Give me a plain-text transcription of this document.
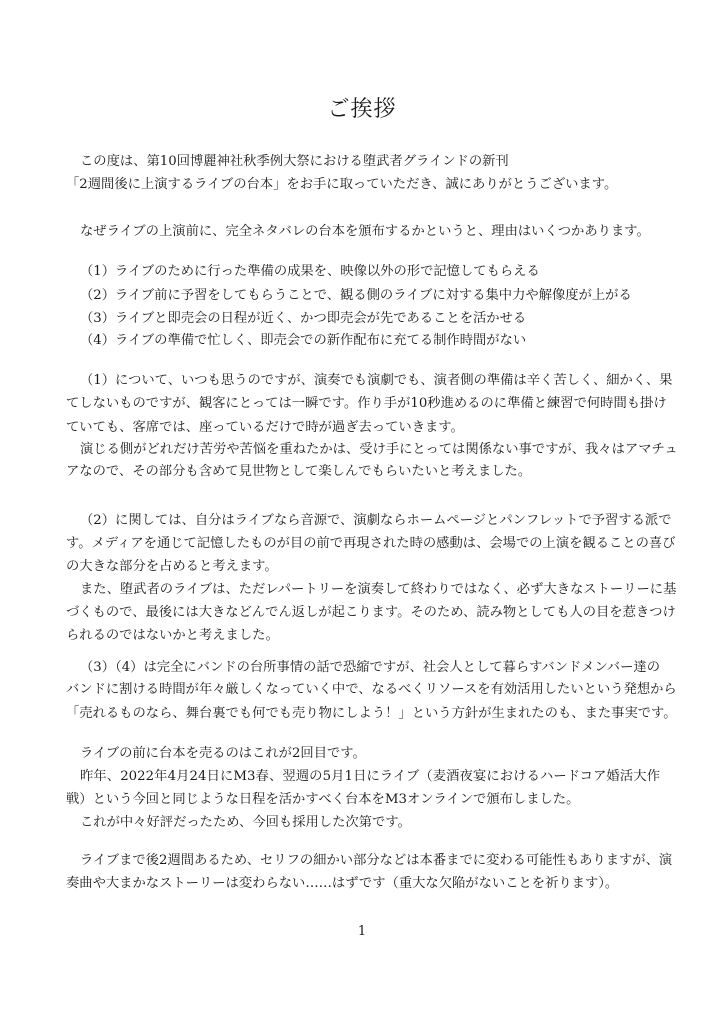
ご挨拶
この度は、第10回博麗神社秋季例大祭における堕武者グラインドの新刊
「2週間後に上演するライブの台本」をお手に取っていただき、誠にありがとうございます。
なぜライブの上演前に、完全ネタバレの台本を頒布するかというと、理由はいくつかあります。
（1）ライブのために行った準備の成果を、映像以外の形で記憶してもらえる
（2）ライブ前に予習をしてもらうことで、観る側のライブに対する集中力や解像度が上がる
（3）ライブと即売会の日程が近く、かつ即売会が先であることを活かせる
（4）ライブの準備で忙しく、即売会での新作配布に充てる制作時間がない
（1）について、いつも思うのですが、演奏でも演劇でも、演者側の準備は辛く苦しく、細かく、果
てしないものですが、観客にとっては一瞬です。作り手が10秒進めるのに準備と練習で何時間も掛け
ていても、客席では、座っているだけで時が過ぎ去っていきます。
演じる側がどれだけ苦労や苦悩を重ねたかは、受け手にとっては関係ない事ですが、我々はアマチュ
アなので、その部分も含めて見世物として楽しんでもらいたいと考えました。
（2）に関しては、自分はライブなら音源で、演劇ならホームページとパンフレットで予習する派で
す。メディアを通じて記憶したものが目の前で再現された時の感動は、会場での上演を観ることの喜び
の大きな部分を占めると考えます。
また、堕武者のライブは、ただレパートリーを演奏して終わりではなく、必ず大きなストーリーに基
づくもので、最後には大きなどんでん返しが起こります。そのため、読み物としても人の目を惹きつけ
られるのではないかと考えました。
（3）（4）は完全にバンドの台所事情の話で恐縮ですが、社会人として暮らすバンドメンバー達の
バンドに割ける時間が年々厳しくなっていく中で、なるべくリソースを有効活用したいという発想から
「売れるものなら、舞台裏でも何でも売り物にしよう！」という方針が生まれたのも、また事実です。
ライブの前に台本を売るのはこれが2回目です。
昨年、2022年4月24日にM3春、翌週の5月1日にライブ（麦酒夜宴におけるハードコア婚活大作
戦）という今回と同じような日程を活かすべく台本をM3オンラインで頒布しました。
これが中々好評だったため、今回も採用した次第です。
ライブまで後2週間あるため、セリフの細かい部分などは本番までに変わる可能性もありますが、演
奏曲や大まかなストーリーは変わらない……はずです（重大な欠陥がないことを祈ります）。
1
